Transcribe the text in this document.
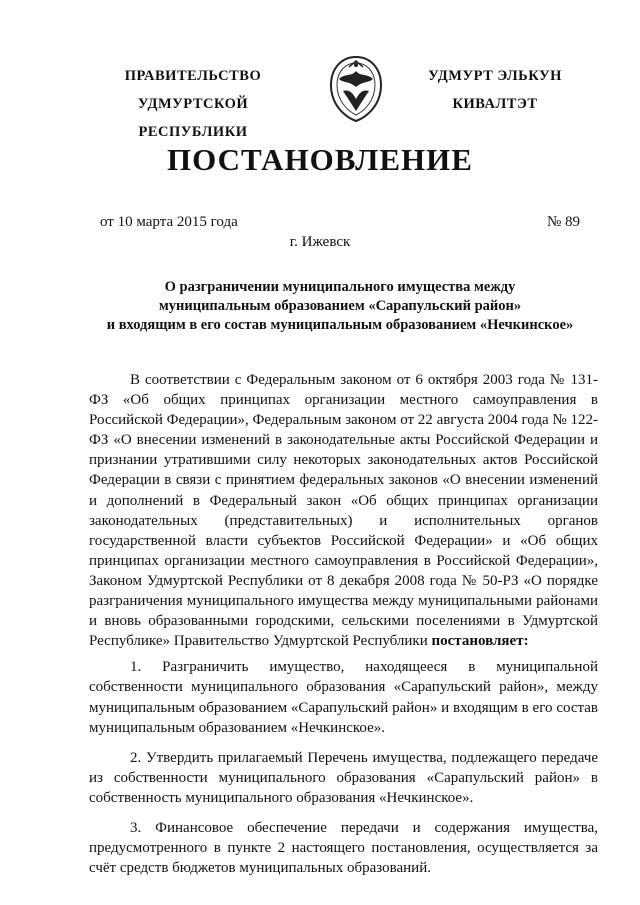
ПРАВИТЕЛЬСТВО
УДМУРТСКОЙ РЕСПУБЛИКИ
УДМУРТ ЭЛЬКУН
КИВАЛТЭТ
ПОСТАНОВЛЕНИЕ
от 10 марта 2015 года	№ 89
г. Ижевск
О разграничении муниципального имущества между
муниципальным образованием «Сарапульский район»
и входящим в его состав муниципальным образованием «Нечкинское»

В соответствии с Федеральным законом от 6 октября 2003 года № 131-ФЗ «Об общих принципах организации местного самоуправления в Российской Федерации», Федеральным законом от 22 августа 2004 года № 122-ФЗ «О внесении изменений в законодательные акты Российской Федерации и признании утратившими силу некоторых законодательных актов Российской Федерации в связи с принятием федеральных законов «О внесении изменений и дополнений в Федеральный закон «Об общих принципах организации законодательных (представительных) и исполнительных органов государственной власти субъектов Российской Федерации» и «Об общих принципах организации местного самоуправления в Российской Федерации», Законом Удмуртской Республики от 8 декабря 2008 года № 50-РЗ «О порядке разграничения муниципального имущества между муниципальными районами и вновь образованными городскими, сельскими поселениями в Удмуртской Республике» Правительство Удмуртской Республики постановляет:

1. Разграничить имущество, находящееся в муниципальной собственности муниципального образования «Сарапульский район», между муниципальным образованием «Сарапульский район» и входящим в его состав муниципальным образованием «Нечкинское».

2. Утвердить прилагаемый Перечень имущества, подлежащего передаче из собственности муниципального образования «Сарапульский район» в собственность муниципального образования «Нечкинское».

3. Финансовое обеспечение передачи и содержания имущества, предусмотренного в пункте 2 настоящего постановления, осуществляется за счёт средств бюджетов муниципальных образований.
